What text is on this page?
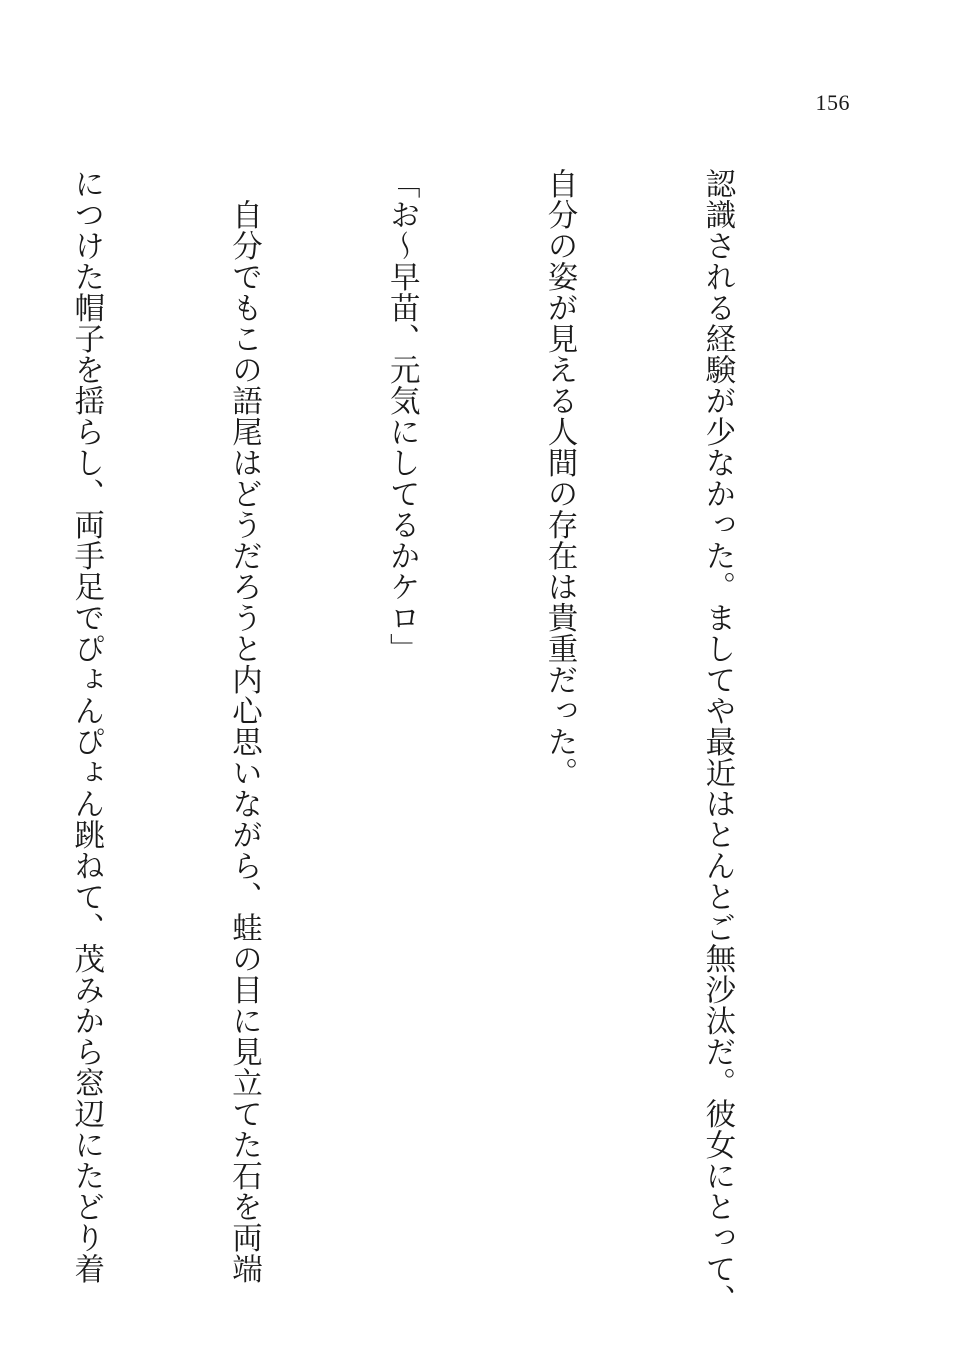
156

認識される経験が少なかった。ましてや最近はとんとご無沙汰だ。彼女にとって、

自分の姿が見える人間の存在は貴重だった。

「お〜早苗、元気にしてるかケロ」

　自分でもこの語尾はどうだろうと内心思いながら、蛙の目に見立てた石を両端

につけた帽子を揺らし、両手足でぴょんぴょん跳ねて、茂みから窓辺にたどり着
